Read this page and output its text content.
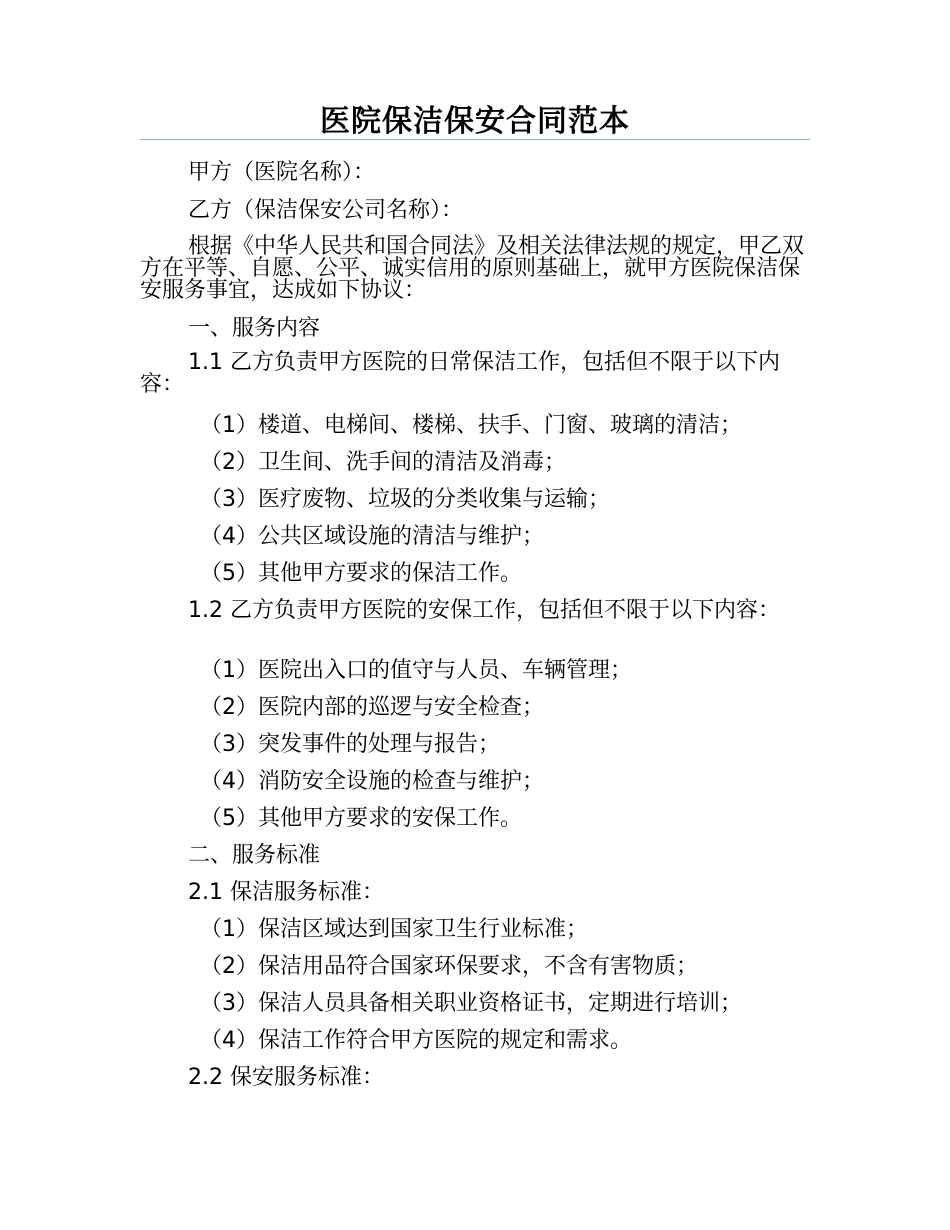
医院保洁保安合同范本
甲方（医院名称）：
乙方（保洁保安公司名称）：
根据《中华人民共和国合同法》及相关法律法规的规定，甲乙双方在平等、自愿、公平、诚实信用的原则基础上，就甲方医院保洁保安服务事宜，达成如下协议：
一、服务内容
1.1 乙方负责甲方医院的日常保洁工作，包括但不限于以下内容：
（1）楼道、电梯间、楼梯、扶手、门窗、玻璃的清洁；
（2）卫生间、洗手间的清洁及消毒；
（3）医疗废物、垃圾的分类收集与运输；
（4）公共区域设施的清洁与维护；
（5）其他甲方要求的保洁工作。
1.2 乙方负责甲方医院的安保工作，包括但不限于以下内容：
（1）医院出入口的值守与人员、车辆管理；
（2）医院内部的巡逻与安全检查；
（3）突发事件的处理与报告；
（4）消防安全设施的检查与维护；
（5）其他甲方要求的安保工作。
二、服务标准
2.1 保洁服务标准：
（1）保洁区域达到国家卫生行业标准；
（2）保洁用品符合国家环保要求，不含有害物质；
（3）保洁人员具备相关职业资格证书，定期进行培训；
（4）保洁工作符合甲方医院的规定和需求。
2.2 保安服务标准：
